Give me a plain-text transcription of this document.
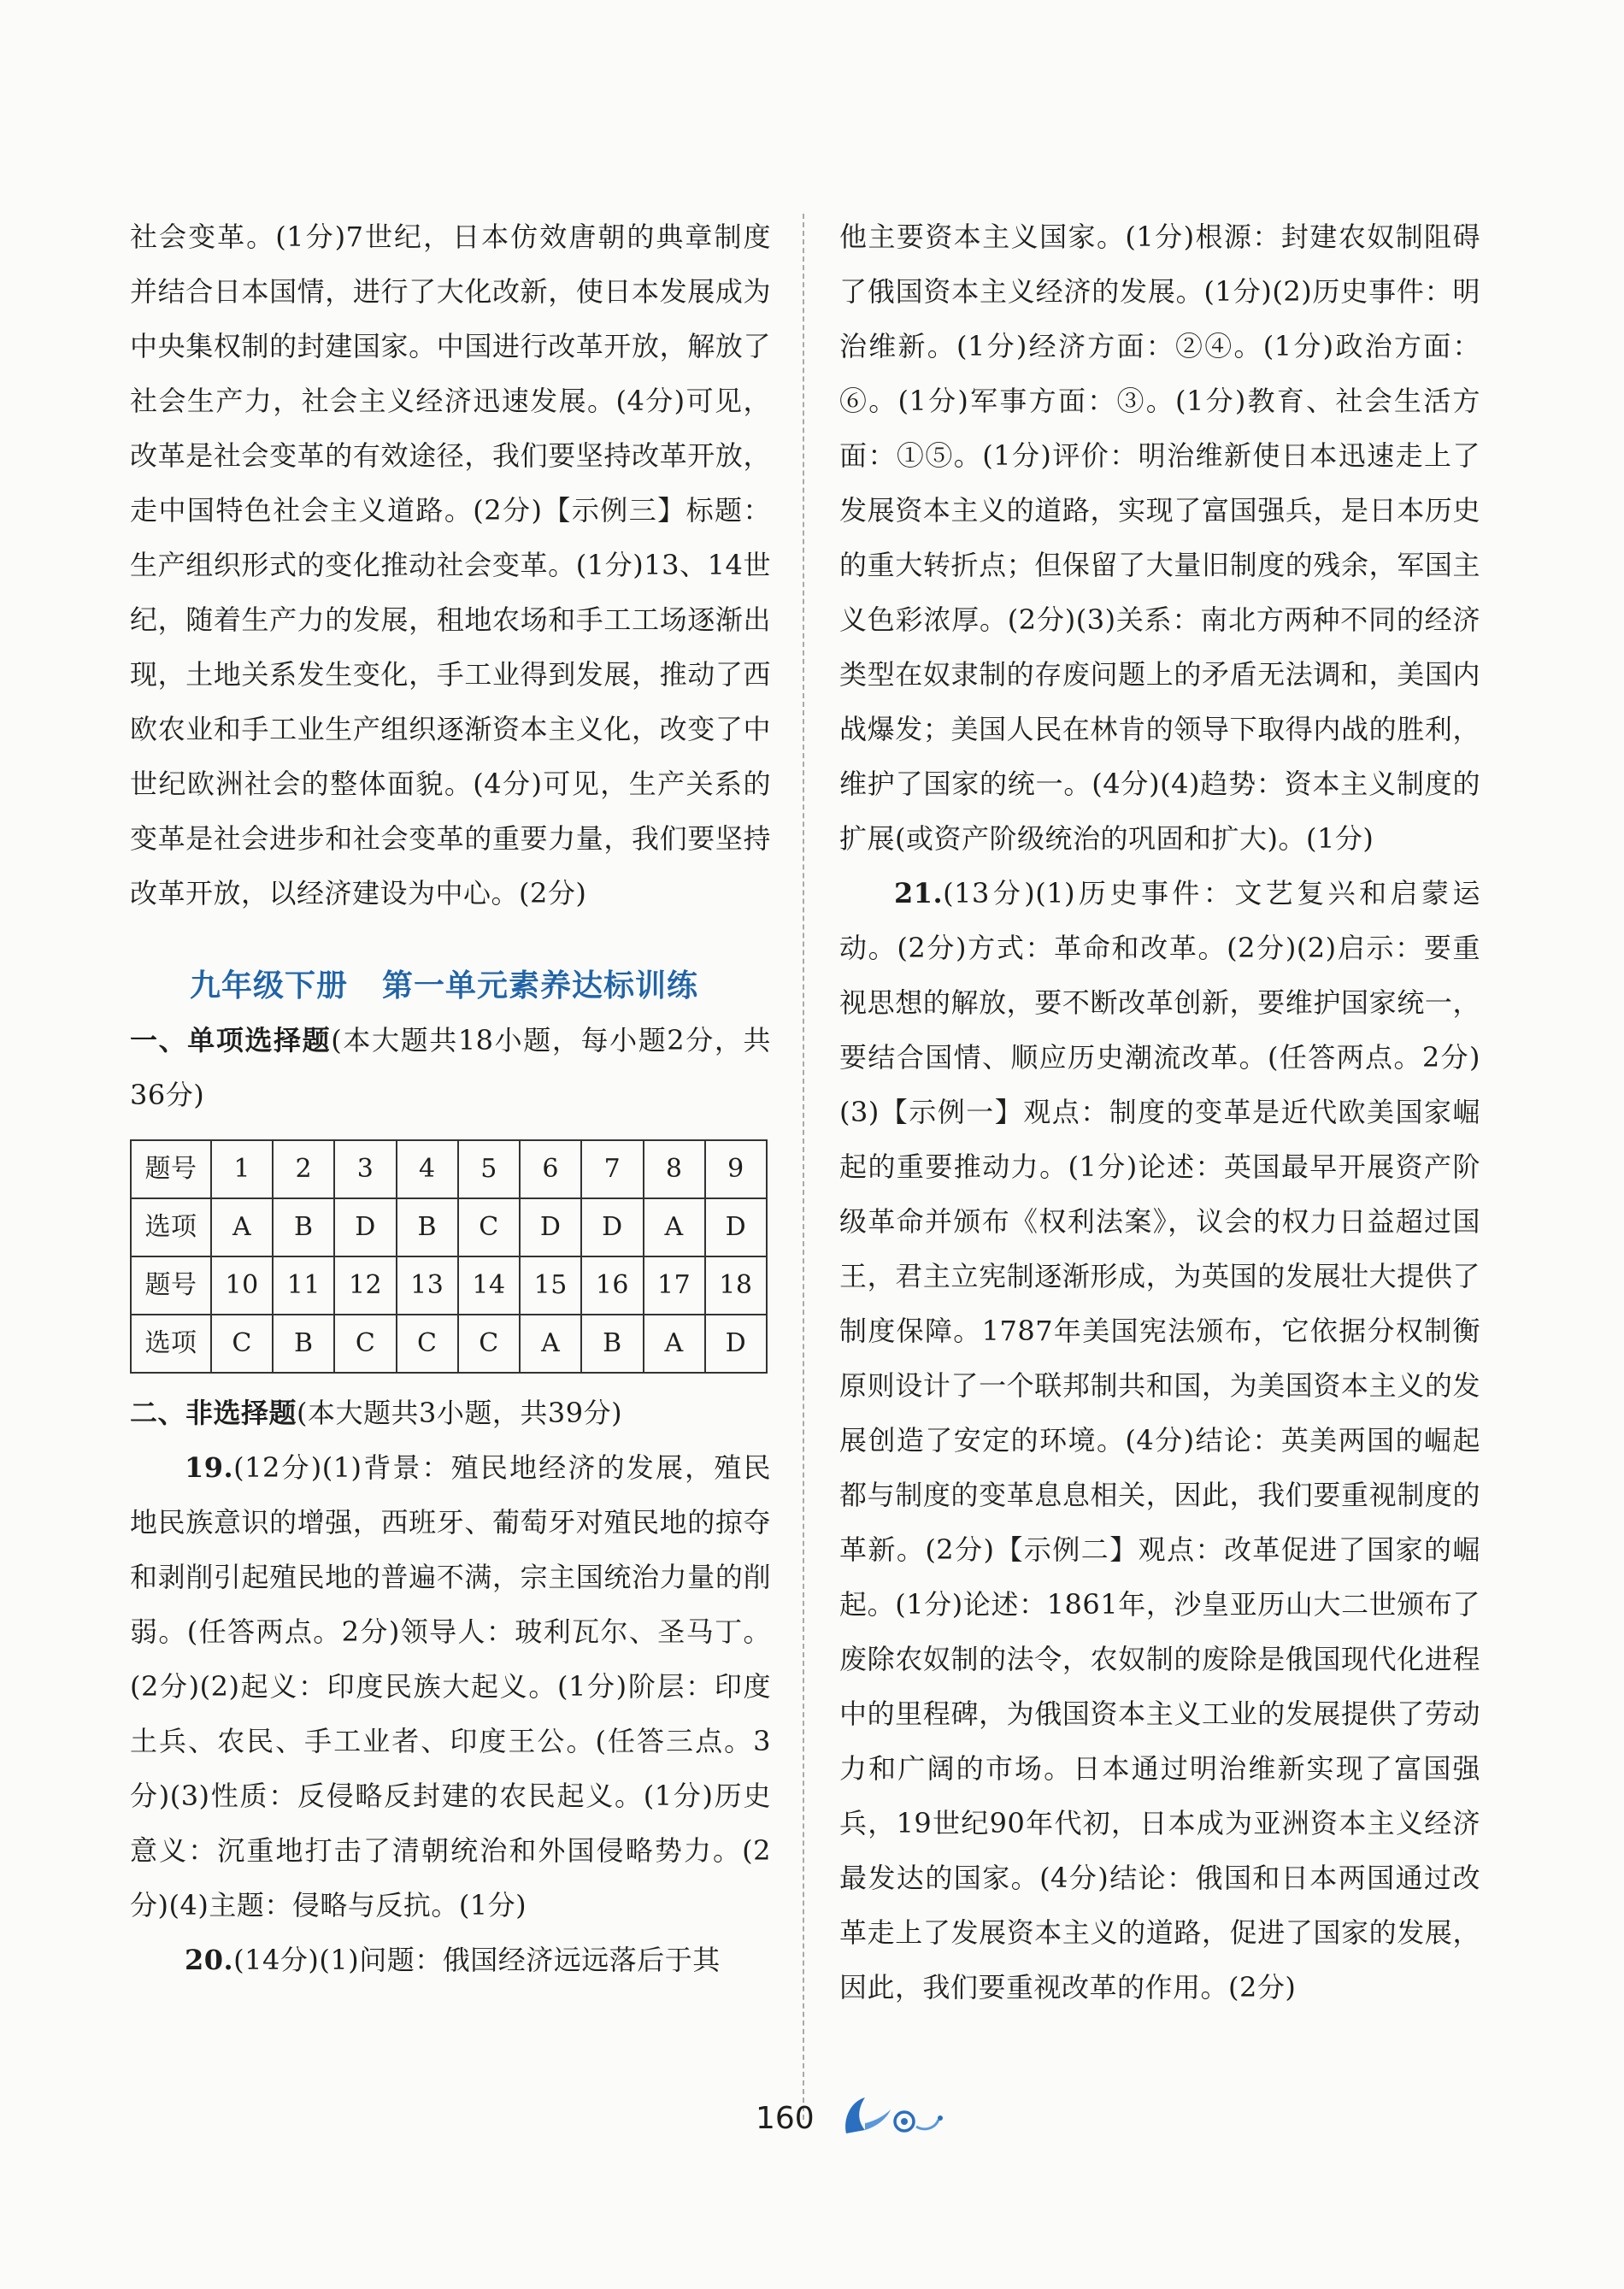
社会变革。(1分)7世纪，日本仿效唐朝的典章制度并结合日本国情，进行了大化改新，使日本发展成为中央集权制的封建国家。中国进行改革开放，解放了社会生产力，社会主义经济迅速发展。(4分)可见，改革是社会变革的有效途径，我们要坚持改革开放，走中国特色社会主义道路。(2分)【示例三】标题：生产组织形式的变化推动社会变革。(1分)13、14世纪，随着生产力的发展，租地农场和手工工场逐渐出现，土地关系发生变化，手工业得到发展，推动了西欧农业和手工业生产组织逐渐资本主义化，改变了中世纪欧洲社会的整体面貌。(4分)可见，生产关系的变革是社会进步和社会变革的重要力量，我们要坚持改革开放，以经济建设为中心。(2分)

九年级下册 第一单元素养达标训练

一、单项选择题(本大题共18小题，每小题2分，共36分)

题号	1	2	3	4	5	6	7	8	9
选项	A	B	D	B	C	D	D	A	D
题号	10	11	12	13	14	15	16	17	18
选项	C	B	C	C	C	A	B	A	D

二、非选择题(本大题共3小题，共39分)

19.(12分)(1)背景：殖民地经济的发展，殖民地民族意识的增强，西班牙、葡萄牙对殖民地的掠夺和剥削引起殖民地的普遍不满，宗主国统治力量的削弱。(任答两点。2分)领导人：玻利瓦尔、圣马丁。(2分)(2)起义：印度民族大起义。(1分)阶层：印度土兵、农民、手工业者、印度王公。(任答三点。3分)(3)性质：反侵略反封建的农民起义。(1分)历史意义：沉重地打击了清朝统治和外国侵略势力。(2分)(4)主题：侵略与反抗。(1分)

20.(14分)(1)问题：俄国经济远远落后于其

他主要资本主义国家。(1分)根源：封建农奴制阻碍了俄国资本主义经济的发展。(1分)(2)历史事件：明治维新。(1分)经济方面：②④。(1分)政治方面：⑥。(1分)军事方面：③。(1分)教育、社会生活方面：①⑤。(1分)评价：明治维新使日本迅速走上了发展资本主义的道路，实现了富国强兵，是日本历史的重大转折点；但保留了大量旧制度的残余，军国主义色彩浓厚。(2分)(3)关系：南北方两种不同的经济类型在奴隶制的存废问题上的矛盾无法调和，美国内战爆发；美国人民在林肯的领导下取得内战的胜利，维护了国家的统一。(4分)(4)趋势：资本主义制度的扩展(或资产阶级统治的巩固和扩大)。(1分)

21.(13分)(1)历史事件：文艺复兴和启蒙运动。(2分)方式：革命和改革。(2分)(2)启示：要重视思想的解放，要不断改革创新，要维护国家统一，要结合国情、顺应历史潮流改革。(任答两点。2分)(3)【示例一】观点：制度的变革是近代欧美国家崛起的重要推动力。(1分)论述：英国最早开展资产阶级革命并颁布《权利法案》，议会的权力日益超过国王，君主立宪制逐渐形成，为英国的发展壮大提供了制度保障。1787年美国宪法颁布，它依据分权制衡原则设计了一个联邦制共和国，为美国资本主义的发展创造了安定的环境。(4分)结论：英美两国的崛起都与制度的变革息息相关，因此，我们要重视制度的革新。(2分)【示例二】观点：改革促进了国家的崛起。(1分)论述：1861年，沙皇亚历山大二世颁布了废除农奴制的法令，农奴制的废除是俄国现代化进程中的里程碑，为俄国资本主义工业的发展提供了劳动力和广阔的市场。日本通过明治维新实现了富国强兵，19世纪90年代初，日本成为亚洲资本主义经济最发达的国家。(4分)结论：俄国和日本两国通过改革走上了发展资本主义的道路，促进了国家的发展，因此，我们要重视改革的作用。(2分)

160
